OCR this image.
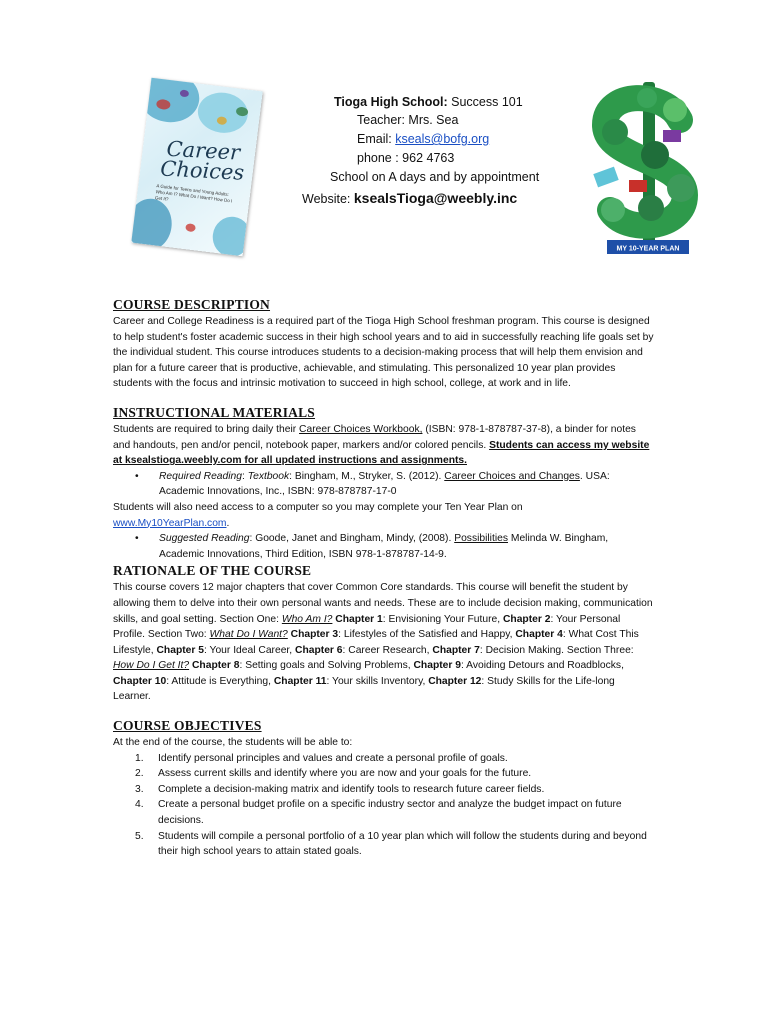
Career Choices
A Guide for Teens and Young Adults: Who Am I? What Do I Want? How Do I Get It?
Tioga High School: Success 101
Teacher: Mrs. Sea
Email: kseals@bofg.org
phone : 962 4763
School on A days and by appointment
Website: ksealsTioga@weebly.inc
MY 10-YEAR PLAN
COURSE DESCRIPTION

Career and College Readiness is a required part of the Tioga High School freshman program. This course is designed to help student's foster academic success in their high school years and to aid in successfully reaching life goals set by the individual student. This course introduces students to a decision-making process that will help them envision and plan for a future career that is productive, achievable, and stimulating. This personalized 10 year plan provides students with the focus and intrinsic motivation to succeed in high school, college, at work and in life.

INSTRUCTIONAL MATERIALS

Students are required to bring daily their Career Choices Workbook, (ISBN: 978-1-878787-37-8), a binder for notes and handouts, pen and/or pencil, notebook paper, markers and/or colored pencils. Students can access my website at ksealstioga.weebly.com for all updated instructions and assignments.

• Required Reading: Textbook: Bingham, M., Stryker, S. (2012). Career Choices and Changes. USA: Academic Innovations, Inc., ISBN: 978-878787-17-0

Students will also need access to a computer so you may complete your Ten Year Plan on
www.My10YearPlan.com.

• Suggested Reading: Goode, Janet and Bingham, Mindy, (2008). Possibilities Melinda W. Bingham, Academic Innovations, Third Edition, ISBN 978-1-878787-14-9.

RATIONALE OF THE COURSE

This course covers 12 major chapters that cover Common Core standards. This course will benefit the student by allowing them to delve into their own personal wants and needs. These are to include decision making, communication skills, and goal setting. Section One: Who Am I? Chapter 1: Envisioning Your Future, Chapter 2: Your Personal Profile. Section Two: What Do I Want? Chapter 3: Lifestyles of the Satisfied and Happy, Chapter 4: What Cost This Lifestyle, Chapter 5: Your Ideal Career, Chapter 6: Career Research, Chapter 7: Decision Making. Section Three: How Do I Get It? Chapter 8: Setting goals and Solving Problems, Chapter 9: Avoiding Detours and Roadblocks, Chapter 10: Attitude is Everything, Chapter 11: Your skills Inventory, Chapter 12: Study Skills for the Life-long Learner.

COURSE OBJECTIVES

At the end of the course, the students will be able to:

1. Identify personal principles and values and create a personal profile of goals.

2. Assess current skills and identify where you are now and your goals for the future.

3. Complete a decision-making matrix and identify tools to research future career fields.

4. Create a personal budget profile on a specific industry sector and analyze the budget impact on future decisions.

5. Students will compile a personal portfolio of a 10 year plan which will follow the students during and beyond their high school years to attain stated goals.
